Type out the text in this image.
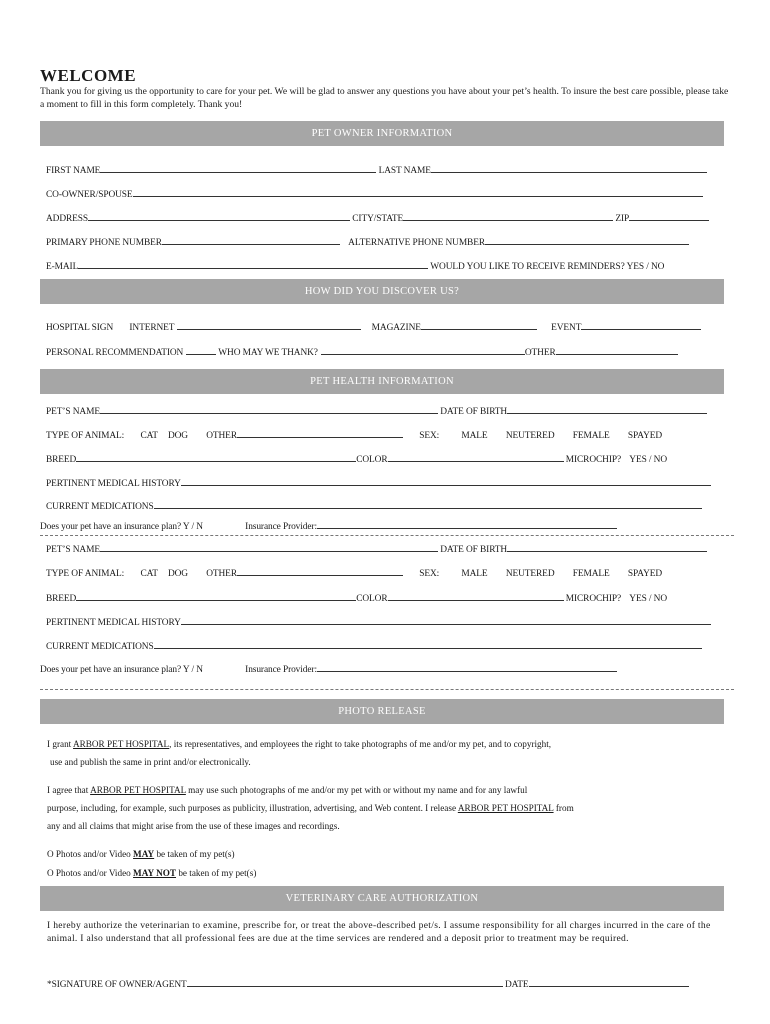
WELCOME
Thank you for giving us the opportunity to care for your pet. We will be glad to answer any questions you have about your pet’s health. To insure the best care possible, please take a moment to fill in this form completely. Thank you!
PET OWNER INFORMATION
FIRST NAME	LAST NAME
CO-OWNER/SPOUSE
ADDRESS	CITY/STATE	ZIP
PRIMARY PHONE NUMBER	ALTERNATIVE PHONE NUMBER
E-MAIL	WOULD YOU LIKE TO RECEIVE REMINDERS? YES / NO
HOW DID YOU DISCOVER US?
HOSPITAL SIGN INTERNET	MAGAZINE	EVENT
PERSONAL RECOMMENDATION	WHO MAY WE THANK?	OTHER
PET HEALTH INFORMATION
PET’S NAME	DATE OF BIRTH
TYPE OF ANIMAL: CAT DOG OTHER	SEX: MALE NEUTERED FEMALE SPAYED
BREED	COLOR	MICROCHIP? YES / NO
PERTINENT MEDICAL HISTORY
CURRENT MEDICATIONS
Does your pet have an insurance plan? Y / N	Insurance Provider:
PET’S NAME	DATE OF BIRTH
TYPE OF ANIMAL: CAT DOG OTHER	SEX: MALE NEUTERED FEMALE SPAYED
BREED	COLOR	MICROCHIP? YES / NO
PERTINENT MEDICAL HISTORY
CURRENT MEDICATIONS
Does your pet have an insurance plan? Y / N	Insurance Provider:
PHOTO RELEASE
I grant ARBOR PET HOSPITAL, its representatives, and employees the right to take photographs of me and/or my pet, and to copyright,
use and publish the same in print and/or electronically.
I agree that ARBOR PET HOSPITAL may use such photographs of me and/or my pet with or without my name and for any lawful
purpose, including, for example, such purposes as publicity, illustration, advertising, and Web content. I release ARBOR PET HOSPITAL from
any and all claims that might arise from the use of these images and recordings.
O Photos and/or Video MAY be taken of my pet(s)
O Photos and/or Video MAY NOT be taken of my pet(s)
VETERINARY CARE AUTHORIZATION
I hereby authorize the veterinarian to examine, prescribe for, or treat the above-described pet/s. I assume responsibility for all charges incurred in the care of the animal. I also understand that all professional fees are due at the time services are rendered and a deposit prior to treatment may be required.
*SIGNATURE OF OWNER/AGENT	DATE
